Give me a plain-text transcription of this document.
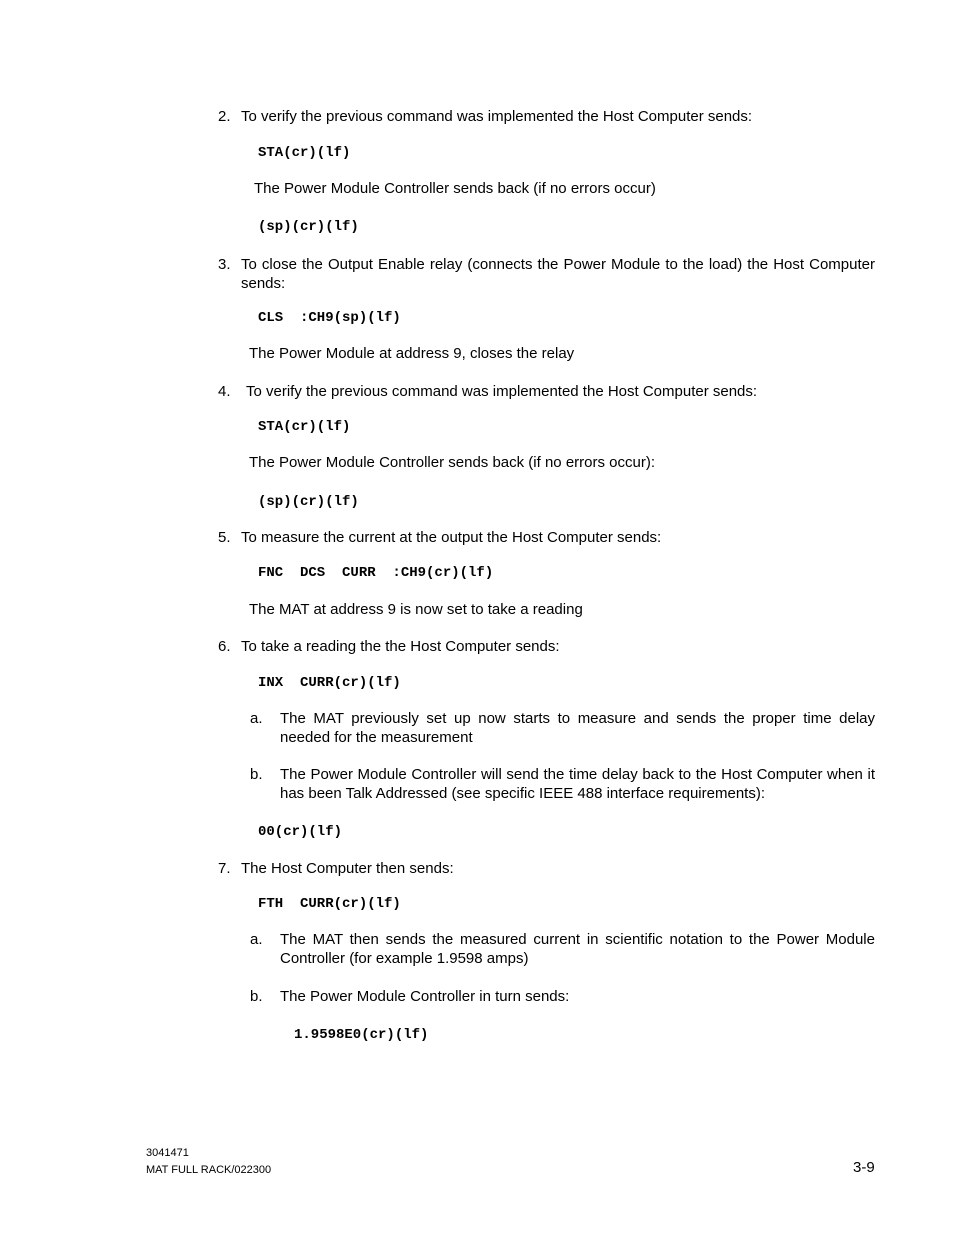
2. To verify the previous command was implemented the Host Computer sends:
STA(cr)(lf)
The Power Module Controller sends back (if no errors occur)
(sp)(cr)(lf)
3. To close the Output Enable relay (connects the Power Module to the load) the Host Computer sends:
CLS  :CH9(sp)(lf)
The Power Module at address 9, closes the relay
4. To verify the previous command was implemented the Host Computer sends:
STA(cr)(lf)
The Power Module Controller sends back (if no errors occur):
(sp)(cr)(lf)
5. To measure the current at the output the Host Computer sends:
FNC  DCS  CURR  :CH9(cr)(lf)
The MAT at address 9 is now set to take a reading
6. To take a reading the the Host Computer sends:
INX  CURR(cr)(lf)
a. The MAT previously set up now starts to measure and sends the proper time delay needed for the measurement
b. The Power Module Controller will send the time delay back to the Host Computer when it has been Talk Addressed (see specific IEEE 488 interface requirements):
00(cr)(lf)
7. The Host Computer then sends:
FTH  CURR(cr)(lf)
a. The MAT then sends the measured current in scientific notation to the Power Module Controller (for example 1.9598 amps)
b. The Power Module Controller in turn sends:
1.9598E0(cr)(lf)
3041471
MAT FULL RACK/022300	3-9
